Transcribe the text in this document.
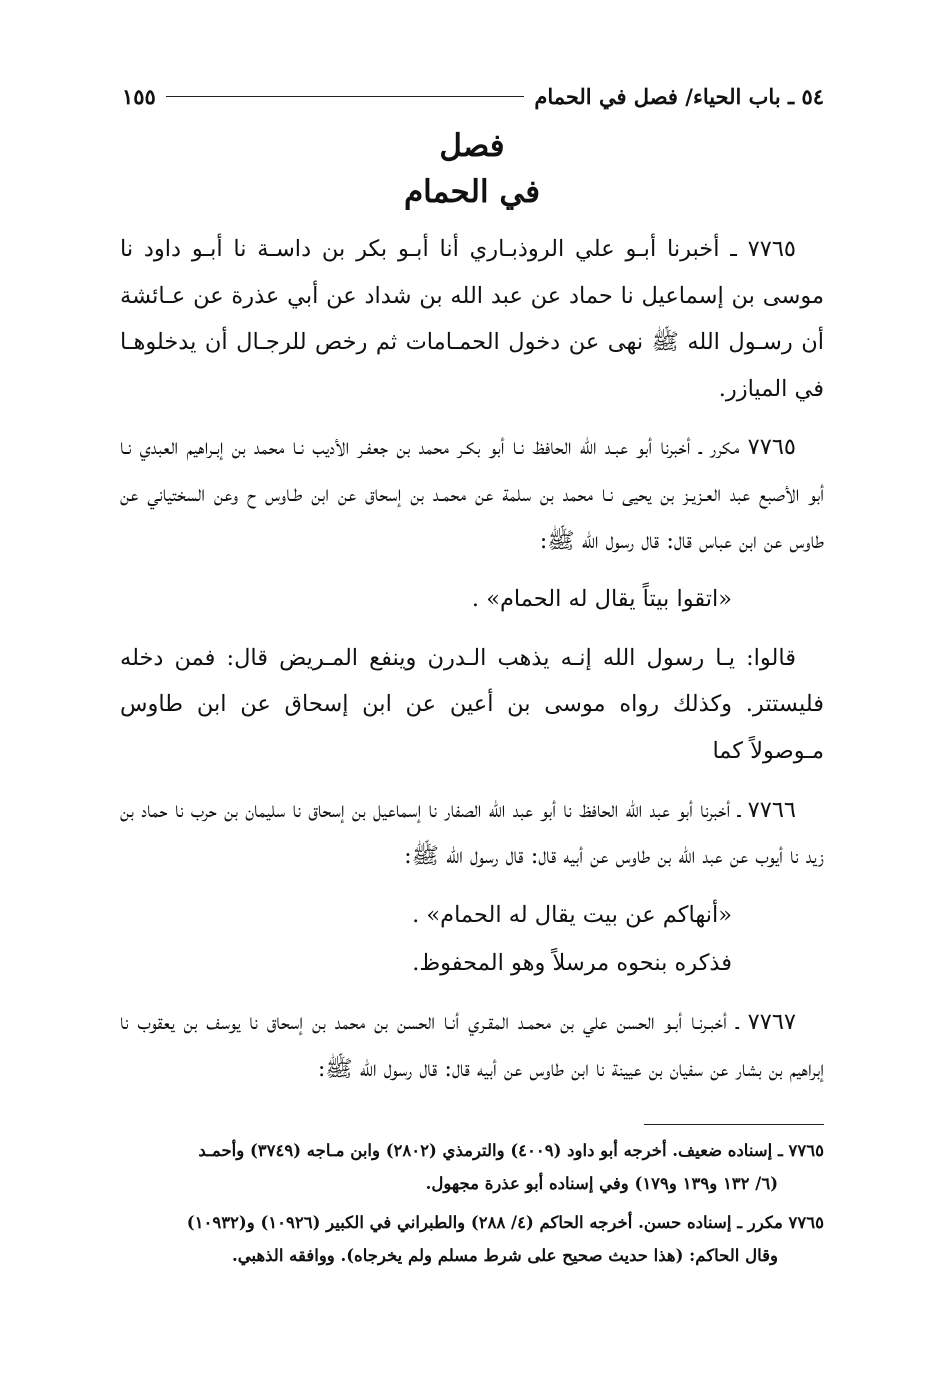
٥٤ ـ باب الحياء/ فصل في الحمام
١٥٥
فصل
في الحمام

٧٧٦٥ ـ أخبرنا أبـو علي الروذبـاري أنا أبـو بكر بن داسـة نا أبـو داود نا موسى بن إسماعيل نا حماد عن عبد الله بن شداد عن أبي عذرة عن عـائشة أن رسـول الله ﷺ نهى عن دخول الحمـامات ثم رخص للرجـال أن يدخلوهـا في الميازر.

٧٧٦٥ مكرر ـ أخبرنا أبو عبـد الله الحافظ نـا أبو بكـر محمد بن جعفـر الأديب نـا محمد بن إبـراهيم العبدي نـا أبو الأصبع عبد العـزيـز بن يحيى نـا محمد بن سلمة عن محمـد بن إسحاق عن ابن طـاوس ح وعن السختياني عن طاوس عن ابن عباس قال: قال رسول الله ﷺ:

«اتقوا بيتاً يقال له الحمام» .

قالوا: يـا رسول الله إنـه يذهب الـدرن وينفع المـريض قال: فمن دخله فليستتر. وكذلك رواه موسى بن أعين عن ابن إسحاق عن ابن طاوس مـوصولاً كما

٧٧٦٦ ـ أخبرنا أبو عبد الله الحافظ نا أبو عبد الله الصفار نا إسماعيل بن إسحاق نا سليمان بن حرب نا حماد بن زيد نا أيوب عن عبد الله بن طاوس عن أبيه قال: قال رسول الله ﷺ:

«أنهاكم عن بيت يقال له الحمام» .

فذكره بنحوه مرسلاً وهو المحفوظ.

٧٧٦٧ ـ أخبـرنـا أبـو الحسن علي بن محمـد المقـري أنـا الحسن بن محمد بن إسحاق نا يوسف بن يعقوب نا إبراهيم بن بشار عن سفيان بن عيينة نا ابن طاوس عن أبيه قال: قال رسول الله ﷺ:

٧٧٦٥ ـ إسناده ضعيف. أخرجه أبو داود (٤٠٠٩) والترمذي (٢٨٠٢) وابن مـاجه (٣٧٤٩) وأحمـد
(٦/ ١٣٢ و١٣٩ و١٧٩) وفي إسناده أبو عذرة مجهول.

٧٧٦٥ مكرر ـ إسناده حسن. أخرجه الحاكم (٤/ ٢٨٨) والطبراني في الكبير (١٠٩٢٦) و(١٠٩٣٢)
وقال الحاكم: (هذا حديث صحيح على شرط مسلم ولم يخرجاه). ووافقه الذهبي.
